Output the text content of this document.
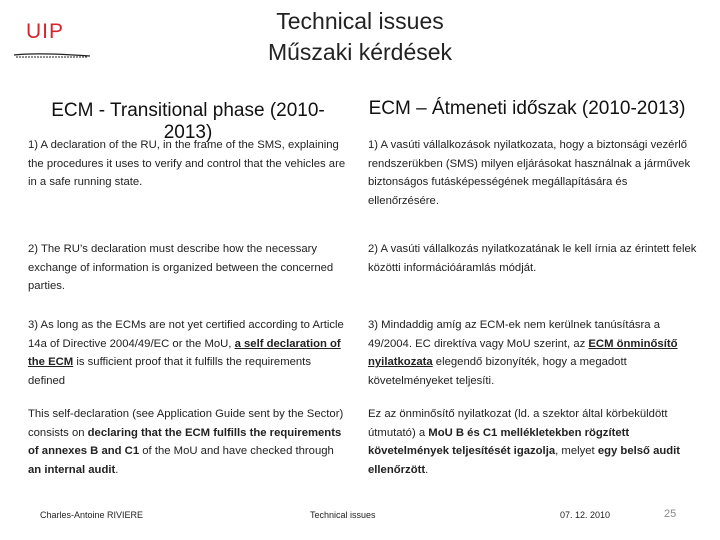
UIP	Technical issues
Műszaki kérdések
ECM - Transitional phase (2010-2013)
ECM – Átmeneti időszak (2010-2013)
1) A declaration of the RU, in the frame of the SMS, explaining the procedures it uses to verify and control that the vehicles are in a safe running state.
2) The RU’s declaration must describe how the necessary exchange of information is organized between the concerned parties.
3) As long as the ECMs are not yet certified according to Article 14a of Directive 2004/49/EC or the MoU, a self declaration of the ECM is sufficient proof that it fulfills the requirements defined
This self-declaration (see Application Guide sent by the Sector) consists on declaring that the ECM fulfills the requirements of annexes B and C1 of the MoU and have checked through an internal audit.
1) A vasúti vállalkozások nyilatkozata, hogy a biztonsági vezérlő rendszerükben (SMS) milyen eljárásokat használnak a járművek biztonságos futásképességének megállapítására és ellenőrzésére.
2) A vasúti vállalkozás nyilatkozatának le kell írnia az érintett felek közötti információáramlás módját.
3) Mindaddig amíg az ECM-ek nem kerülnek tanúsításra a 49/2004. EC direktíva vagy MoU szerint, az ECM önminősítő nyilatkozata elegendő bizonyíték, hogy a megadott követelményeket teljesíti.
Ez az önminősítő nyilatkozat (ld. a szektor által körbeküldött útmutató) a MoU B és C1 mellékletekben rögzített követelmények teljesítését igazolja, melyet egy belső audit ellenőrzött.
Charles-Antoine RIVIERE	Technical issues	07. 12. 2010	25
